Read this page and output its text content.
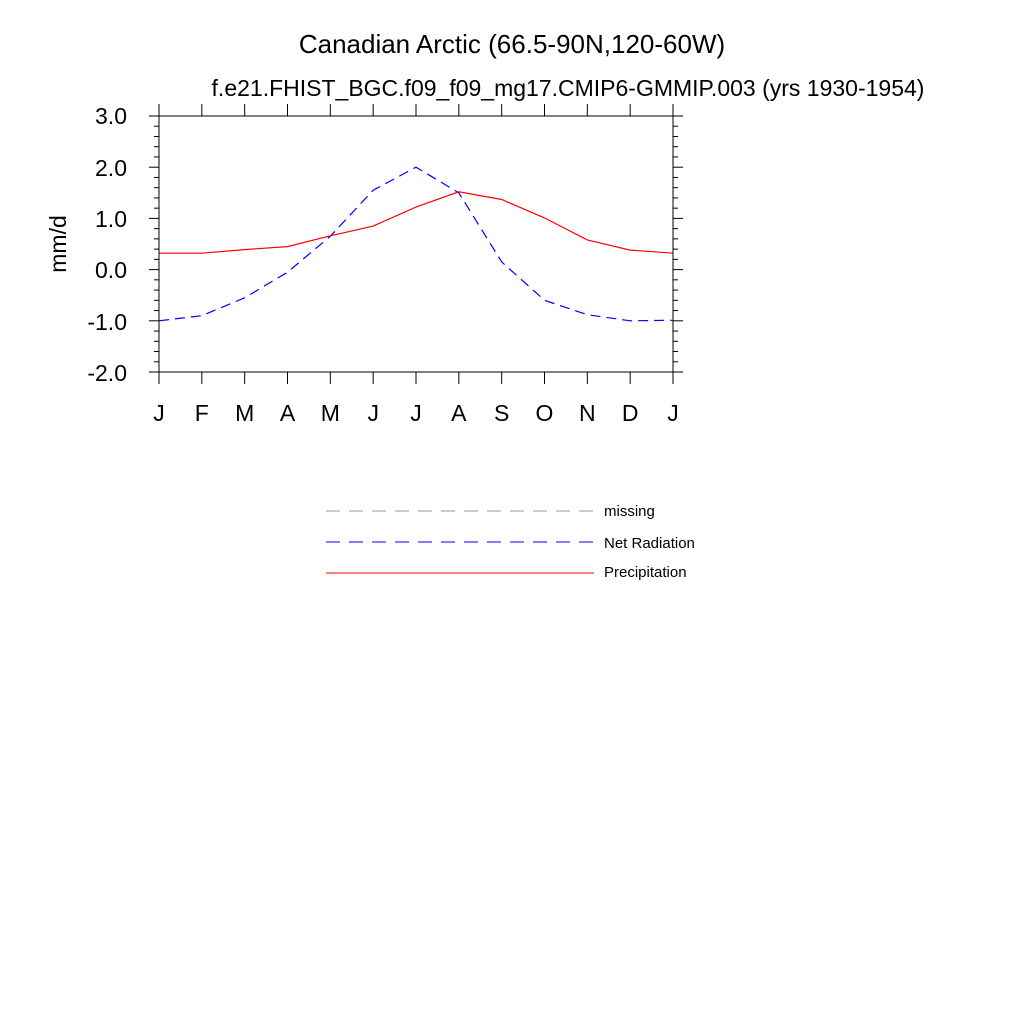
Canadian Arctic (66.5-90N,120-60W)
f.e21.FHIST_BGC.f09_f09_mg17.CMIP6-GMMIP.003 (yrs 1930-1954)
mm/d
-2.0
-1.0
0.0
1.0
2.0
3.0
J F M A M J J A S O N D J
missing
Net Radiation
Precipitation
